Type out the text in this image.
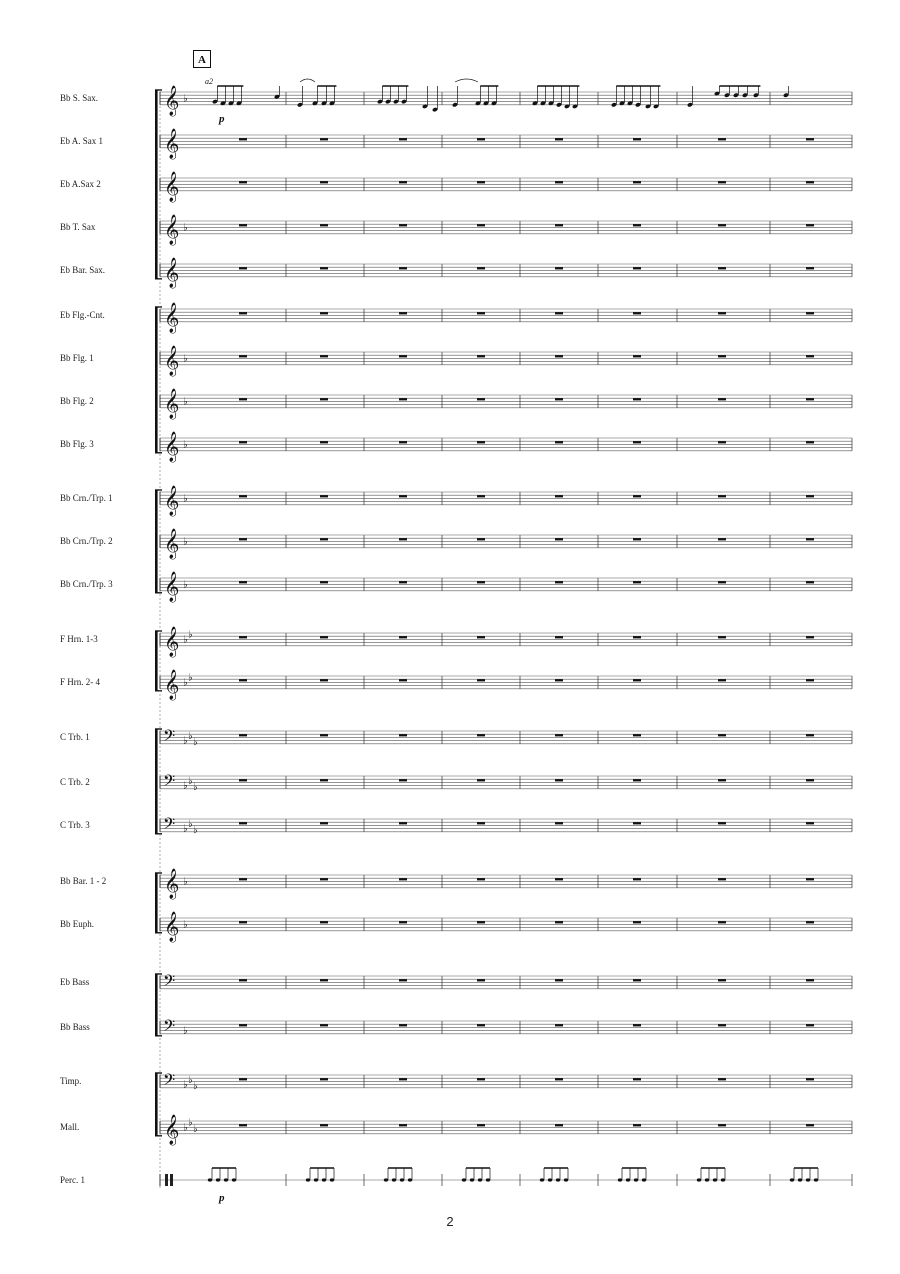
Bb S. Sax.	𝄞 ♭
p
a2
Eb A. Sax 1 𝄞
Eb A.Sax 2 𝄞
Bb T. Sax	𝄞 ♭
Eb Bar. Sax. 𝄞
Eb Flg.-Cnt. 𝄞
Bb Flg. 1	𝄞 ♭
Bb Flg. 2	𝄞 ♭
Bb Flg. 3	𝄞 ♭
Bb Crn./Trp. 1 𝄞 ♭
Bb Crn./Trp. 2 𝄞 ♭
Bb Crn./Trp. 3 𝄞 ♭
F Hrn. 1-3	𝄞 ♭ ♭
F Hrn. 2- 4 𝄞 ♭ ♭
C Trb. 1	𝄢 ♭ ♭
♭
C Trb. 2	𝄢 ♭ ♭
♭
C Trb. 3	𝄢 ♭ ♭
♭
Bb Bar. 1 - 2 𝄞 ♭
Bb Euph.	𝄞 ♭
Eb Bass	𝄢
Bb Bass	𝄢 ♭
Timp.	𝄢 ♭ ♭
♭
Mall.	𝄞 ♭ ♭
♭
Perc. 1
p
A
2
